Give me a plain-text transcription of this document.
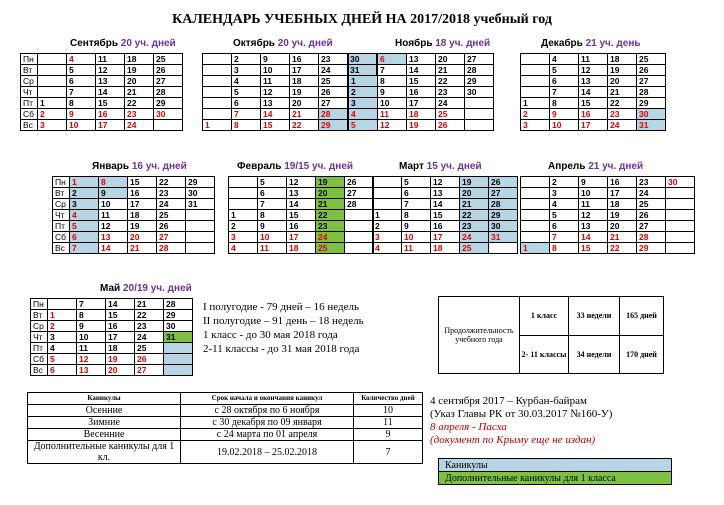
КАЛЕНДАРЬ УЧЕБНЫХ ДНЕЙ НА 2017/2018 учебный год
Сентябрь 20 уч. дней
Пн		4	11	18	25
Вт		5	12	19	26
Ср		6	13	20	27
Чт		7	14	21	28
Пт	1	8	15	22	29
Сб	2	9	16	23	30
Вс	3	10	17	24	
Октябрь 20 уч. дней
	2	9	16	23	30
	3	10	17	24	31
	4	11	18	25	
	5	12	19	26	
	6	13	20	27	
	7	14	21	28	
1	8	15	22	29	
Ноябрь 18 уч. дней
	6	13	20	27
	7	14	21	28
1	8	15	22	29
2	9	16	23	30
3	10	17	24	
4	11	18	25	
5	12	19	26	
Декабрь 21 уч. день
	4	11	18	25
	5	12	19	26
	6	13	20	27
	7	14	21	28
1	8	15	22	29
2	9	16	23	30
3	10	17	24	31
Январь 16 уч. дней
Пн	1	8	15	22	29
Вт	2	9	16	23	30
Ср	3	10	17	24	31
Чт	4	11	18	25	
Пт	5	12	19	26	
Сб	6	13	20	27	
Вс	7	14	21	28	
Февраль 19/15 уч. дней
	5	12	19	26
	6	13	20	27
	7	14	21	28
1	8	15	22	
2	9	16	23	
3	10	17	24	
4	11	18	25	
Март 15 уч. дней
	5	12	19	26
	6	13	20	27
	7	14	21	28
1	8	15	22	29
2	9	16	23	30
3	10	17	24	31
4	11	18	25	
Апрель 21 уч. дней
	2	9	16	23	30
	3	10	17	24	
	4	11	18	25	
	5	12	19	26	
	6	13	20	27	
	7	14	21	28	
1	8	15	22	29	
Май 20/19 уч. дней
Пн		7	14	21	28
Вт	1	8	15	22	29
Ср	2	9	16	23	30
Чт	3	10	17	24	31
Пт	4	11	18	25	
Сб	5	12	19	26	
Вс	6	13	20	27	
I полугодие - 79 дней – 16 недель
II полугодие – 91 день – 18 недель
1 класс - до 30 мая 2018 года
2-11 классы - до 31 мая 2018 года
Продолжительность учебного года	1 класс	33 недели	165 дней
	2- 11 классы	34 недели	170 дней
Каникулы	Срок начала и окончания каникул	Количество дней
Осенние	с 28 октября по 6 ноября	10
Зимние	с 30 декабря по 09 января	11
Весенние	с 24 марта по 01 апреля	9
Дополнительные каникулы для 1 кл.	19.02.2018 – 25.02.2018	7
4 сентября 2017 – Курбан-байрам
(Указ Главы РК от 30.03.2017 №160-У)
8 апреля - Пасха
(документ по Крыму еще не издан)
Каникулы
Дополнительные каникулы для 1 класса
